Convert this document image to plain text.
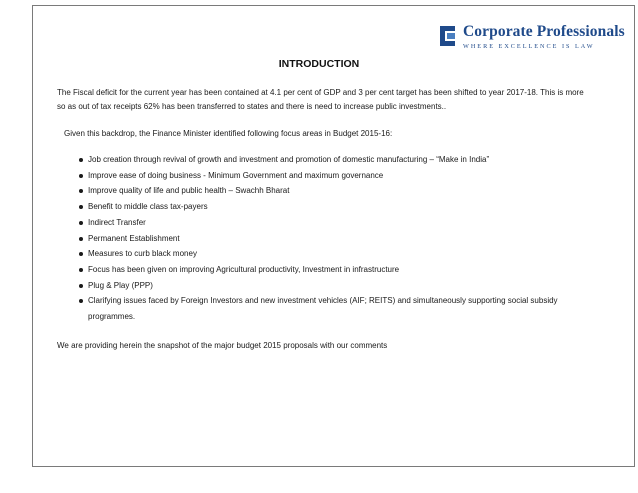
Corporate Professionals
WHERE EXCELLENCE IS LAW
INTRODUCTION

The Fiscal deficit for the current year has been contained at 4.1 per cent of GDP and 3 per cent target has been shifted to year 2017-18. This is more so as out of tax receipts 62% has been transferred to states and there is need to increase public investments..

Given this backdrop, the Finance Minister identified following focus areas in Budget 2015-16:

Job creation through revival of growth and investment and promotion of domestic manufacturing – “Make in India”
Improve ease of doing business - Minimum Government and maximum governance
Improve quality of life and public health – Swachh Bharat
Benefit to middle class tax-payers
Indirect Transfer
Permanent Establishment
Measures to curb black money
Focus has been given on improving Agricultural productivity, Investment in infrastructure
Plug & Play (PPP)
Clarifying issues faced by Foreign Investors and new investment vehicles (AIF; REITS) and simultaneously supporting social subsidy programmes.

We are providing herein the snapshot of the major budget 2015 proposals with our comments
